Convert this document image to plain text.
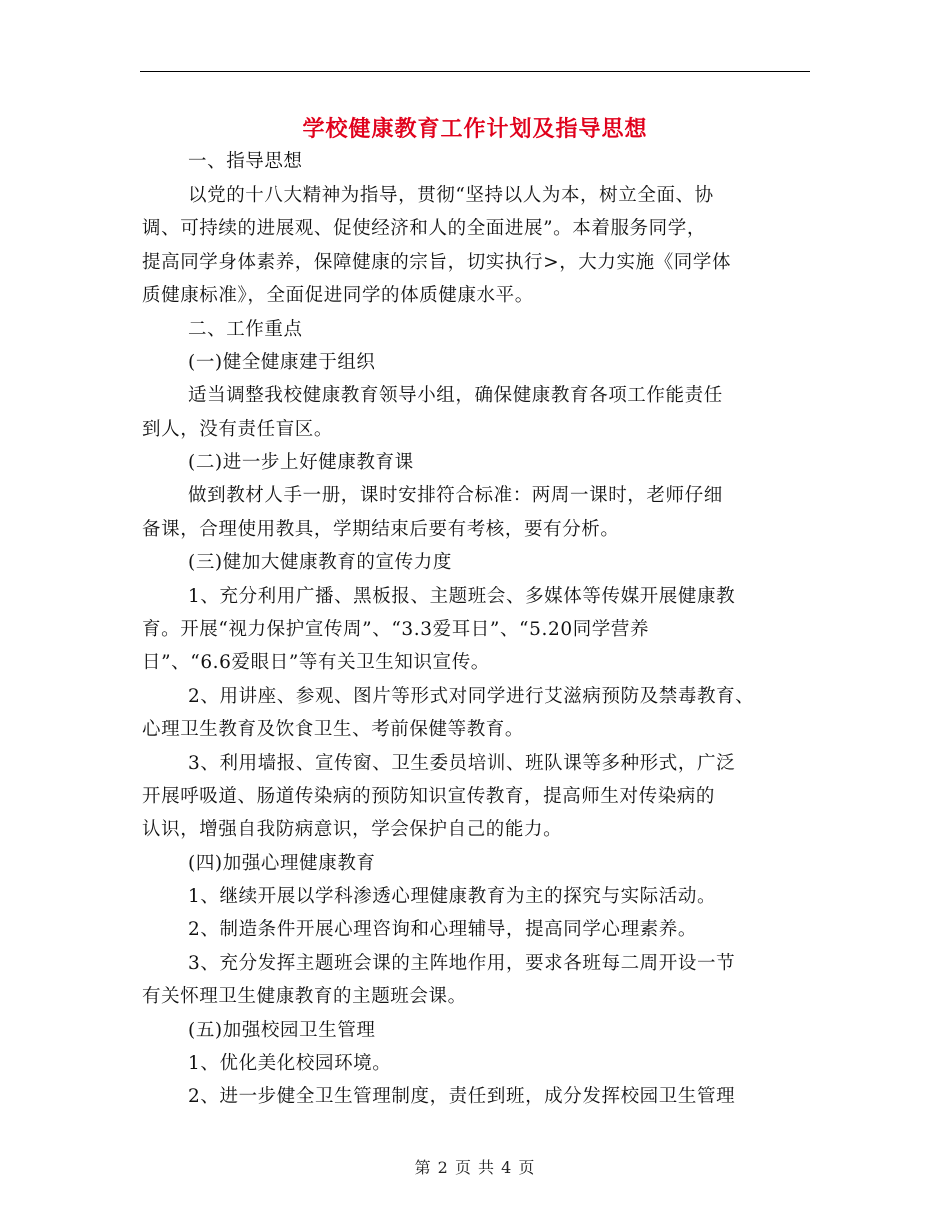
学校健康教育工作计划及指导思想
一、指导思想
以党的十八大精神为指导，贯彻“坚持以人为本，树立全面、协
调、可持续的进展观、促使经济和人的全面进展”。本着服务同学，
提高同学身体素养，保障健康的宗旨，切实执行>，大力实施《同学体
质健康标准》，全面促进同学的体质健康水平。
二、工作重点
(一)健全健康建于组织
适当调整我校健康教育领导小组，确保健康教育各项工作能责任
到人，没有责任盲区。
(二)进一步上好健康教育课
做到教材人手一册，课时安排符合标准：两周一课时，老师仔细
备课，合理使用教具，学期结束后要有考核，要有分析。
(三)健加大健康教育的宣传力度
1、充分利用广播、黑板报、主题班会、多媒体等传媒开展健康教
育。开展“视力保护宣传周”、“3.3爱耳日”、“5.20同学营养
日”、“6.6爱眼日”等有关卫生知识宣传。
2、用讲座、参观、图片等形式对同学进行艾滋病预防及禁毒教育、
心理卫生教育及饮食卫生、考前保健等教育。
3、利用墙报、宣传窗、卫生委员培训、班队课等多种形式，广泛
开展呼吸道、肠道传染病的预防知识宣传教育，提高师生对传染病的
认识，增强自我防病意识，学会保护自己的能力。
(四)加强心理健康教育
1、继续开展以学科渗透心理健康教育为主的探究与实际活动。
2、制造条件开展心理咨询和心理辅导，提高同学心理素养。
3、充分发挥主题班会课的主阵地作用，要求各班每二周开设一节
有关怀理卫生健康教育的主题班会课。
(五)加强校园卫生管理
1、优化美化校园环境。
2、进一步健全卫生管理制度，责任到班，成分发挥校园卫生管理
第 2 页 共 4 页
